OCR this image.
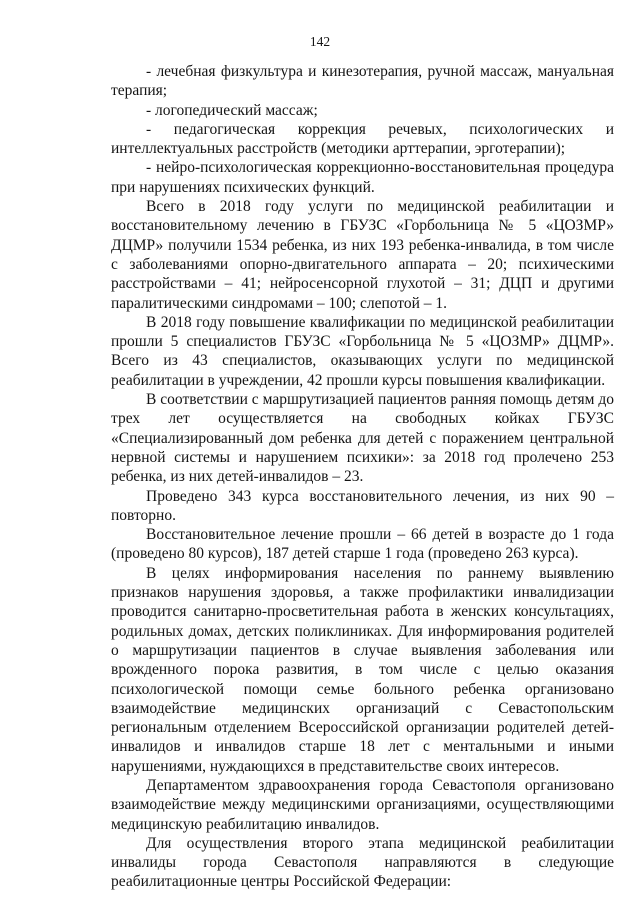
142

- лечебная физкультура и кинезотерапия, ручной массаж, мануальная терапия;

- логопедический массаж;

- педагогическая коррекция речевых, психологических и интеллектуальных расстройств (методики арттерапии, эрготерапии);

- нейро-психологическая коррекционно-восстановительная процедура при нарушениях психических функций.

Всего в 2018 году услуги по медицинской реабилитации и восстановительному лечению в ГБУЗС «Горбольница № 5 «ЦОЗМР» ДЦМР» получили 1534 ребенка, из них 193 ребенка-инвалида, в том числе с заболеваниями опорно-двигательного аппарата – 20; психическими расстройствами – 41; нейросенсорной глухотой – 31; ДЦП и другими паралитическими синдромами – 100; слепотой – 1.

В 2018 году повышение квалификации по медицинской реабилитации прошли 5 специалистов ГБУЗС «Горбольница № 5 «ЦОЗМР» ДЦМР». Всего из 43 специалистов, оказывающих услуги по медицинской реабилитации в учреждении, 42 прошли курсы повышения квалификации.

В соответствии с маршрутизацией пациентов ранняя помощь детям до трех лет осуществляется на свободных койках ГБУЗС «Специализированный дом ребенка для детей с поражением центральной нервной системы и нарушением психики»: за 2018 год пролечено 253 ребенка, из них детей-инвалидов – 23.

Проведено 343 курса восстановительного лечения, из них 90 – повторно.

Восстановительное лечение прошли – 66 детей в возрасте до 1 года (проведено 80 курсов), 187 детей старше 1 года (проведено 263 курса).

В целях информирования населения по раннему выявлению признаков нарушения здоровья, а также профилактики инвалидизации проводится санитарно-просветительная работа в женских консультациях, родильных домах, детских поликлиниках. Для информирования родителей о маршрутизации пациентов в случае выявления заболевания или врожденного порока развития, в том числе с целью оказания психологической помощи семье больного ребенка организовано взаимодействие медицинских организаций с Севастопольским региональным отделением Всероссийской организации родителей детей-инвалидов и инвалидов старше 18 лет с ментальными и иными нарушениями, нуждающихся в представительстве своих интересов.

Департаментом здравоохранения города Севастополя организовано взаимодействие между медицинскими организациями, осуществляющими медицинскую реабилитацию инвалидов.

Для осуществления второго этапа медицинской реабилитации инвалиды города Севастополя направляются в следующие реабилитационные центры Российской Федерации:
